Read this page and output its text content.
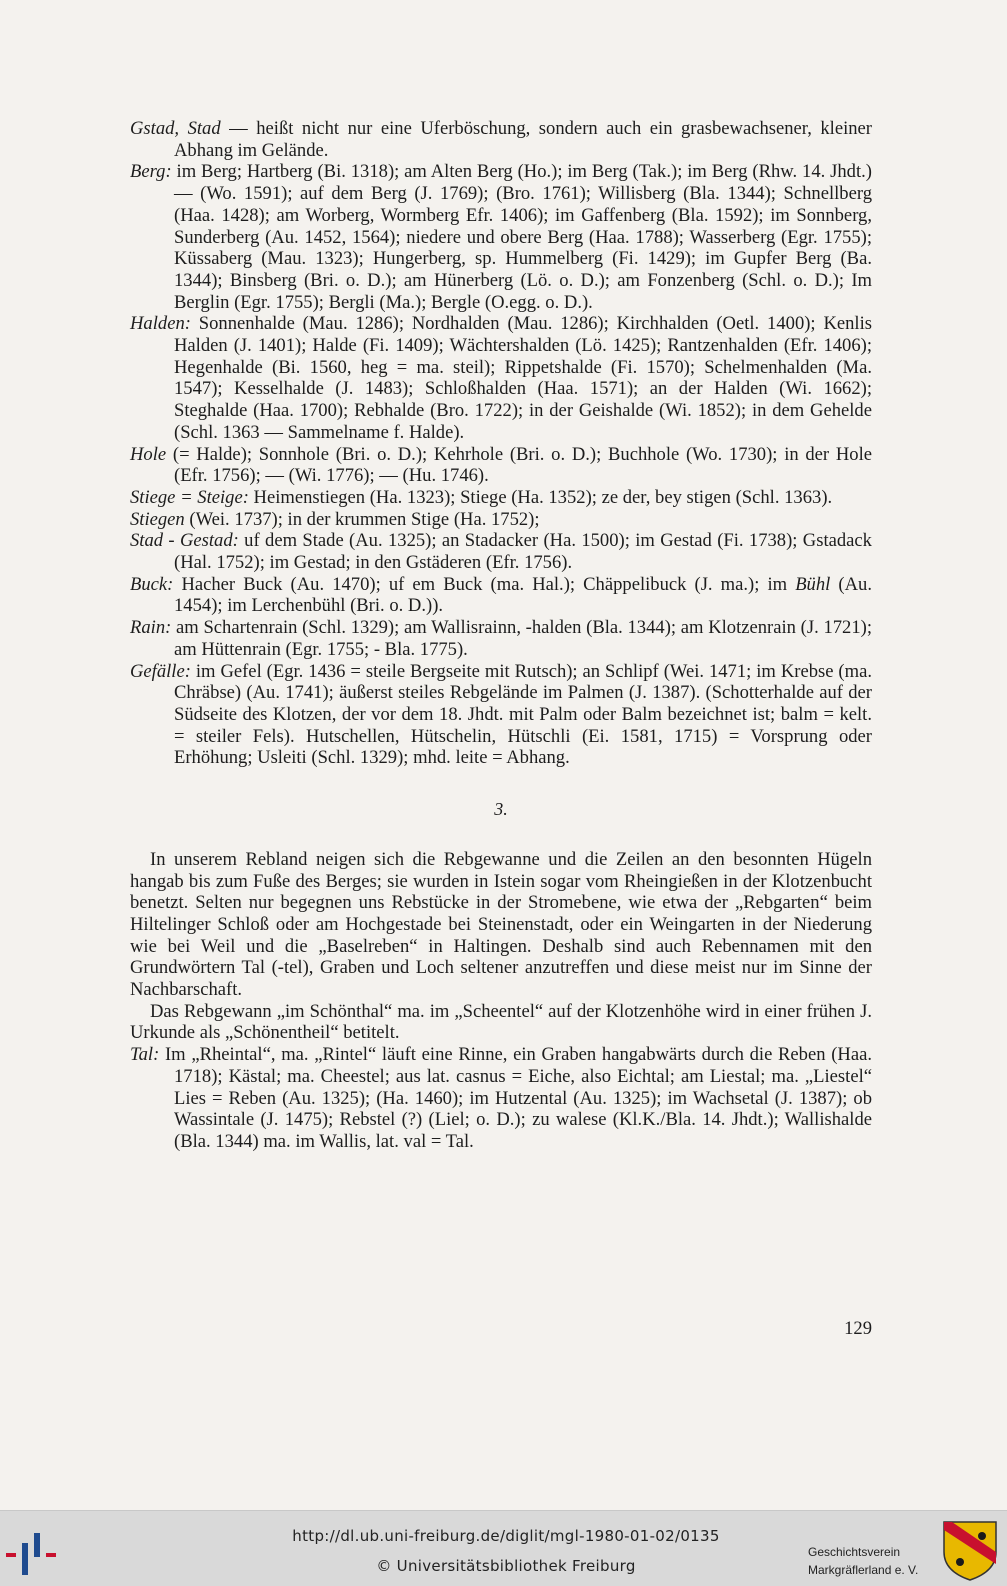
Gstad, Stad — heißt nicht nur eine Uferböschung, sondern auch ein grasbewachsener, kleiner Abhang im Gelände.

Berg: im Berg; Hartberg (Bi. 1318); am Alten Berg (Ho.); im Berg (Tak.); im Berg (Rhw. 14. Jhdt.) — (Wo. 1591); auf dem Berg (J. 1769); (Bro. 1761); Willisberg (Bla. 1344); Schnellberg (Haa. 1428); am Worberg, Wormberg Efr. 1406); im Gaffenberg (Bla. 1592); im Sonnberg, Sunderberg (Au. 1452, 1564); niedere und obere Berg (Haa. 1788); Wasserberg (Egr. 1755); Küssaberg (Mau. 1323); Hungerberg, sp. Hummelberg (Fi. 1429); im Gupfer Berg (Ba. 1344); Binsberg (Bri. o. D.); am Hünerberg (Lö. o. D.); am Fonzenberg (Schl. o. D.); Im Berglin (Egr. 1755); Bergli (Ma.); Bergle (O.egg. o. D.).

Halden: Sonnenhalde (Mau. 1286); Nordhalden (Mau. 1286); Kirchhalden (Oetl. 1400); Kenlis Halden (J. 1401); Halde (Fi. 1409); Wächtershalden (Lö. 1425); Rantzenhalden (Efr. 1406); Hegenhalde (Bi. 1560, heg = ma. steil); Rippetshalde (Fi. 1570); Schelmenhalden (Ma. 1547); Kesselhalde (J. 1483); Schloßhalden (Haa. 1571); an der Halden (Wi. 1662); Steghalde (Haa. 1700); Rebhalde (Bro. 1722); in der Geishalde (Wi. 1852); in dem Gehelde (Schl. 1363 — Sammelname f. Halde).

Hole (= Halde); Sonnhole (Bri. o. D.); Kehrhole (Bri. o. D.); Buchhole (Wo. 1730); in der Hole (Efr. 1756); — (Wi. 1776); — (Hu. 1746).

Stiege = Steige: Heimenstiegen (Ha. 1323); Stiege (Ha. 1352); ze der, bey stigen (Schl. 1363).

Stiegen (Wei. 1737); in der krummen Stige (Ha. 1752);

Stad - Gestad: uf dem Stade (Au. 1325); an Stadacker (Ha. 1500); im Gestad (Fi. 1738); Gstadack (Hal. 1752); im Gestad; in den Gstäderen (Efr. 1756).

Buck: Hacher Buck (Au. 1470); uf em Buck (ma. Hal.); Chäppelibuck (J. ma.); im Bühl (Au. 1454); im Lerchenbühl (Bri. o. D.)).

Rain: am Schartenrain (Schl. 1329); am Wallisrainn, -halden (Bla. 1344); am Klotzenrain (J. 1721); am Hüttenrain (Egr. 1755; - Bla. 1775).

Gefälle: im Gefel (Egr. 1436 = steile Bergseite mit Rutsch); an Schlipf (Wei. 1471; im Krebse (ma. Chräbse) (Au. 1741); äußerst steiles Rebgelände im Palmen (J. 1387). (Schotterhalde auf der Südseite des Klotzen, der vor dem 18. Jhdt. mit Palm oder Balm bezeichnet ist; balm = kelt. = steiler Fels). Hutschellen, Hütschelin, Hütschli (Ei. 1581, 1715) = Vorsprung oder Erhöhung; Usleiti (Schl. 1329); mhd. leite = Abhang.

3.

In unserem Rebland neigen sich die Rebgewanne und die Zeilen an den besonnten Hügeln hangab bis zum Fuße des Berges; sie wurden in Istein sogar vom Rheingießen in der Klotzenbucht benetzt. Selten nur begegnen uns Rebstücke in der Stromebene, wie etwa der „Rebgarten“ beim Hiltelinger Schloß oder am Hochgestade bei Steinenstadt, oder ein Weingarten in der Niederung wie bei Weil und die „Baselreben“ in Haltingen. Deshalb sind auch Rebennamen mit den Grundwörtern Tal (-tel), Graben und Loch seltener anzutreffen und diese meist nur im Sinne der Nachbarschaft.

Das Rebgewann „im Schönthal“ ma. im „Scheentel“ auf der Klotzenhöhe wird in einer frühen J. Urkunde als „Schönentheil“ betitelt.

Tal: Im „Rheintal“, ma. „Rintel“ läuft eine Rinne, ein Graben hangabwärts durch die Reben (Haa. 1718); Kästal; ma. Cheestel; aus lat. casnus = Eiche, also Eichtal; am Liestal; ma. „Liestel“ Lies = Reben (Au. 1325); (Ha. 1460); im Hutzental (Au. 1325); im Wachsetal (J. 1387); ob Wassintale (J. 1475); Rebstel (?) (Liel; o. D.); zu walese (Kl.K./Bla. 14. Jhdt.); Wallishalde (Bla. 1344) ma. im Wallis, lat. val = Tal.

129
http://dl.ub.uni-freiburg.de/diglit/mgl-1980-01-02/0135
© Universitätsbibliothek Freiburg
Geschichtsverein
Markgräflerland e. V.
